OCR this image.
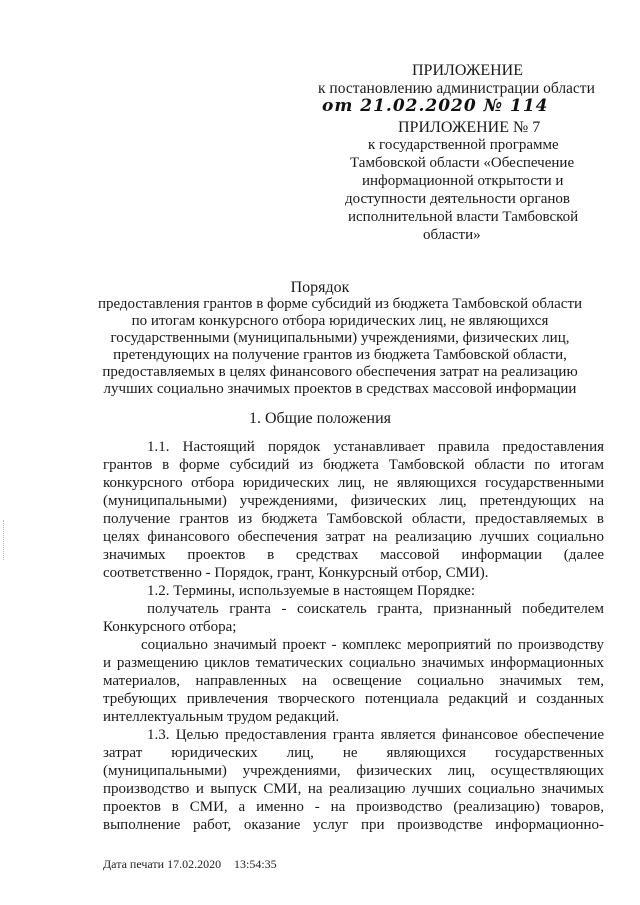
ПРИЛОЖЕНИЕ

к постановлению администрации области

от 21.02.2020 № 114

ПРИЛОЖЕНИЕ № 7

к государственной программе

Тамбовской области «Обеспечение

информационной открытости и

доступности деятельности органов

исполнительной власти Тамбовской

области»

Порядок

предоставления грантов в форме субсидий из бюджета Тамбовской области

по итогам конкурсного отбора юридических лиц, не являющихся

государственными (муниципальными) учреждениями, физических лиц,

претендующих на получение грантов из бюджета Тамбовской области,

предоставляемых в целях финансового обеспечения затрат на реализацию

лучших социально значимых проектов в средствах массовой информации

1. Общие положения

1.1. Настоящий порядок устанавливает правила предоставления

грантов в форме субсидий из бюджета Тамбовской области по итогам

конкурсного отбора юридических лиц, не являющихся государственными

(муниципальными) учреждениями, физических лиц, претендующих на

получение грантов из бюджета Тамбовской области, предоставляемых в

целях финансового обеспечения затрат на реализацию лучших социально

значимых проектов в средствах массовой информации (далее

соответственно - Порядок, грант, Конкурсный отбор, СМИ).

1.2. Термины, используемые в настоящем Порядке:

получатель гранта - соискатель гранта, признанный победителем

Конкурсного отбора;

социально значимый проект - комплекс мероприятий по производству

и размещению циклов тематических социально значимых информационных

материалов, направленных на освещение социально значимых тем,

требующих привлечения творческого потенциала редакций и созданных

интеллектуальным трудом редакций.

1.3. Целью предоставления гранта является финансовое обеспечение

затрат юридических лиц, не являющихся государственных

(муниципальными) учреждениями, физических лиц, осуществляющих

производство и выпуск СМИ, на реализацию лучших социально значимых

проектов в СМИ, а именно - на производство (реализацию) товаров,

выполнение работ, оказание услуг при производстве информационно-

Дата печати 17.02.2020 13:54:35
